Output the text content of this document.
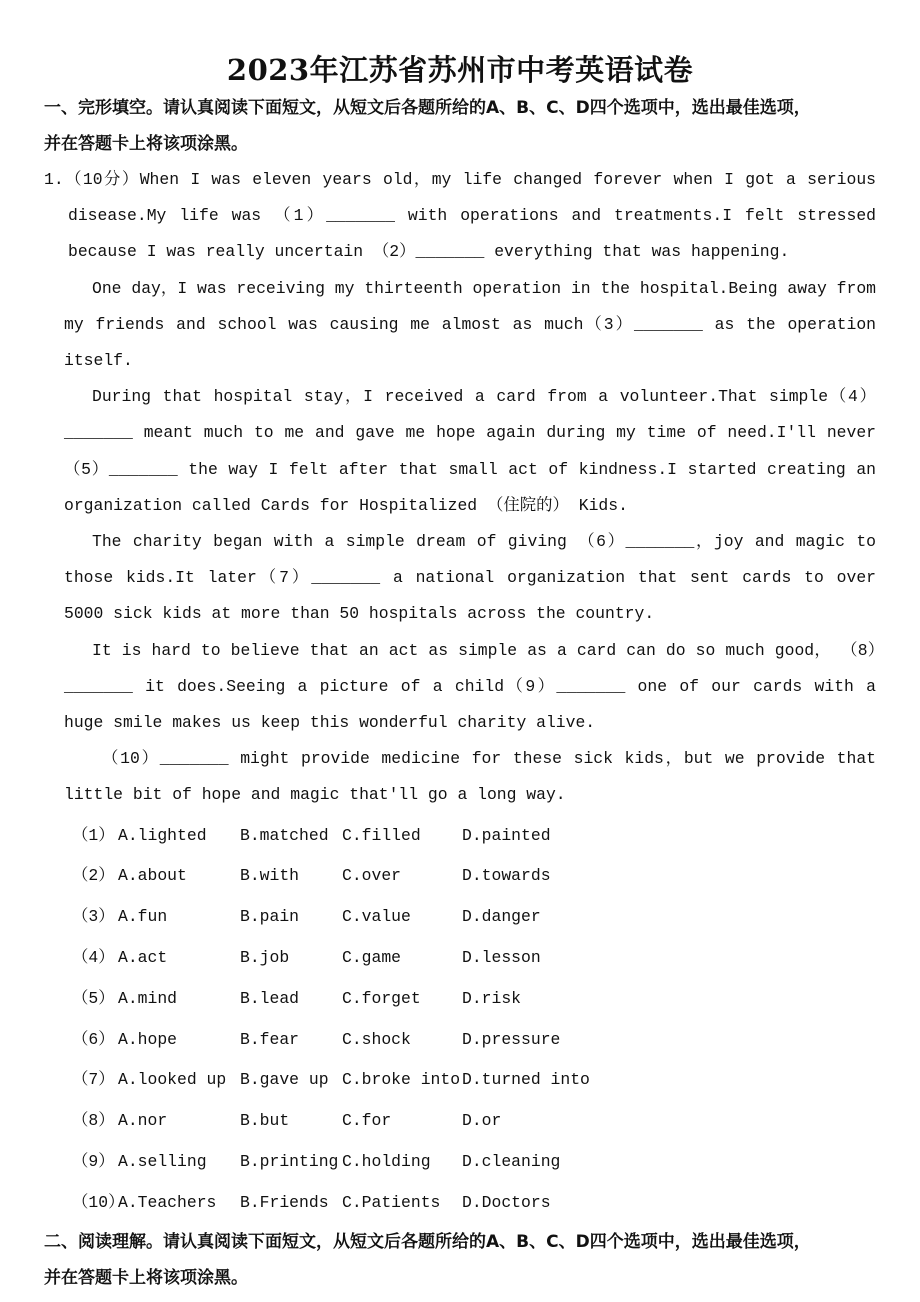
2023年江苏省苏州市中考英语试卷

一、完形填空。请认真阅读下面短文，从短文后各题所给的A、B、C、D四个选项中，选出最佳选项，

并在答题卡上将该项涂黑。

1.（10分）When I was eleven years old，my life changed forever when I got a serious disease.My life was （1）_______ with operations and treatments.I felt stressed because I was really uncertain （2）_______ everything that was happening.

One day，I was receiving my thirteenth operation in the hospital.Being away from my friends and school was causing me almost as much（3）_______ as the operation itself.

During that hospital stay，I received a card from a volunteer.That simple（4）_______ meant much to me and gave me hope again during my time of need.I'll never （5）_______ the way I felt after that small act of kindness.I started creating an organization called Cards for Hospitalized （住院的） Kids.

The charity began with a simple dream of giving （6）_______，joy and magic to those kids.It later（7）_______ a national organization that sent cards to over 5000 sick kids at more than 50 hospitals across the country.

It is hard to believe that an act as simple as a card can do so much good， （8）_______ it does.Seeing a picture of a child（9）_______ one of our cards with a huge smile makes us keep this wonderful charity alive.

（10）_______ might provide medicine for these sick kids，but we provide that little bit of hope and magic that'll go a long way.

（1） A.lighted	B.matched C.filled	D.painted
（2） A.about	B.with	C.over	D.towards
（3） A.fun	B.pain	C.value	D.danger
（4） A.act	B.job	C.game	D.lesson
（5） A.mind	B.lead	C.forget	D.risk
（6） A.hope	B.fear	C.shock	D.pressure
（7） A.looked up B.gave up C.broke into D.turned into
（8） A.nor	B.but	C.for	D.or
（9） A.selling	B.printing C.holding	D.cleaning
（10）
A.Teachers	B.Friends C.Patients	D.Doctors

二、阅读理解。请认真阅读下面短文，从短文后各题所给的A、B、C、D四个选项中，选出最佳选项，

并在答题卡上将该项涂黑。
